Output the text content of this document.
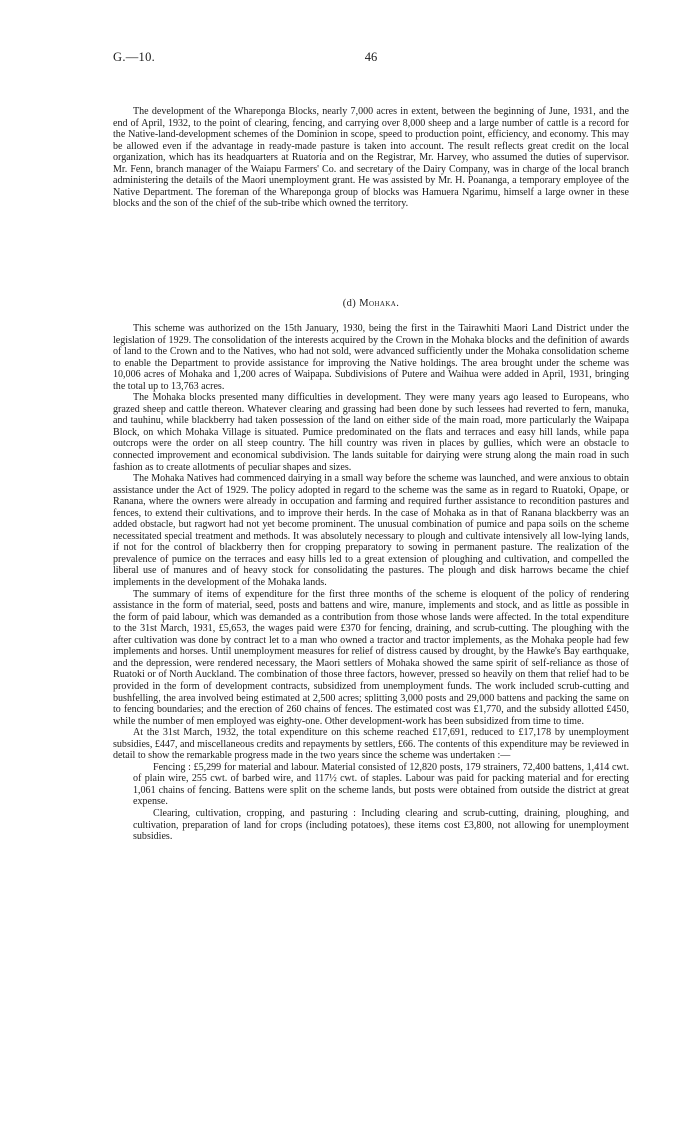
G.—10.	46

The development of the Whareponga Blocks, nearly 7,000 acres in extent, between the beginning of June, 1931, and the end of April, 1932, to the point of clearing, fencing, and carrying over 8,000 sheep and a large number of cattle is a record for the Native-land-development schemes of the Dominion in scope, speed to production point, efficiency, and economy. This may be allowed even if the advantage in ready-made pasture is taken into account. The result reflects great credit on the local organization, which has its headquarters at Ruatoria and on the Registrar, Mr. Harvey, who assumed the duties of supervisor. Mr. Fenn, branch manager of the Waiapu Farmers' Co. and secretary of the Dairy Company, was in charge of the local branch administering the details of the Maori unemployment grant. He was assisted by Mr. H. Poananga, a temporary employee of the Native Department. The foreman of the Whareponga group of blocks was Hamuera Ngarimu, himself a large owner in these blocks and the son of the chief of the sub-tribe which owned the territory.

(d) Mohaka.

This scheme was authorized on the 15th January, 1930, being the first in the Tairawhiti Maori Land District under the legislation of 1929. The consolidation of the interests acquired by the Crown in the Mohaka blocks and the definition of awards of land to the Crown and to the Natives, who had not sold, were advanced sufficiently under the Mohaka consolidation scheme to enable the Department to provide assistance for improving the Native holdings. The area brought under the scheme was 10,006 acres of Mohaka and 1,200 acres of Waipapa. Subdivisions of Putere and Waihua were added in April, 1931, bringing the total up to 13,763 acres.

The Mohaka blocks presented many difficulties in development. They were many years ago leased to Europeans, who grazed sheep and cattle thereon. Whatever clearing and grassing had been done by such lessees had reverted to fern, manuka, and tauhinu, while blackberry had taken possession of the land on either side of the main road, more particularly the Waipapa Block, on which Mohaka Village is situated. Pumice predominated on the flats and terraces and easy hill lands, while papa outcrops were the order on all steep country. The hill country was riven in places by gullies, which were an obstacle to connected improvement and economical subdivision. The lands suitable for dairying were strung along the main road in such fashion as to create allotments of peculiar shapes and sizes.

The Mohaka Natives had commenced dairying in a small way before the scheme was launched, and were anxious to obtain assistance under the Act of 1929. The policy adopted in regard to the scheme was the same as in regard to Ruatoki, Opape, or Ranana, where the owners were already in occupation and farming and required further assistance to recondition pastures and fences, to extend their cultivations, and to improve their herds. In the case of Mohaka as in that of Ranana blackberry was an added obstacle, but ragwort had not yet become prominent. The unusual combination of pumice and papa soils on the scheme necessitated special treatment and methods. It was absolutely necessary to plough and cultivate intensively all low-lying lands, if not for the control of blackberry then for cropping preparatory to sowing in permanent pasture. The realization of the prevalence of pumice on the terraces and easy hills led to a great extension of ploughing and cultivation, and compelled the liberal use of manures and of heavy stock for consolidating the pastures. The plough and disk harrows became the chief implements in the development of the Mohaka lands.

The summary of items of expenditure for the first three months of the scheme is eloquent of the policy of rendering assistance in the form of material, seed, posts and battens and wire, manure, implements and stock, and as little as possible in the form of paid labour, which was demanded as a contribution from those whose lands were affected. In the total expenditure to the 31st March, 1931, £5,653, the wages paid were £370 for fencing, draining, and scrub-cutting. The ploughing with the after cultivation was done by contract let to a man who owned a tractor and tractor implements, as the Mohaka people had few implements and horses. Until unemployment measures for relief of distress caused by drought, by the Hawke's Bay earthquake, and the depression, were rendered necessary, the Maori settlers of Mohaka showed the same spirit of self-reliance as those of Ruatoki or of North Auckland. The combination of those three factors, however, pressed so heavily on them that relief had to be provided in the form of development contracts, subsidized from unemployment funds. The work included scrub-cutting and bushfelling, the area involved being estimated at 2,500 acres; splitting 3,000 posts and 29,000 battens and packing the same on to fencing boundaries; and the erection of 260 chains of fences. The estimated cost was £1,770, and the subsidy allotted £450, while the number of men employed was eighty-one. Other development-work has been subsidized from time to time.

At the 31st March, 1932, the total expenditure on this scheme reached £17,691, reduced to £17,178 by unemployment subsidies, £447, and miscellaneous credits and repayments by settlers, £66. The contents of this expenditure may be reviewed in detail to show the remarkable progress made in the two years since the scheme was undertaken :—

Fencing : £5,299 for material and labour. Material consisted of 12,820 posts, 179 strainers, 72,400 battens, 1,414 cwt. of plain wire, 255 cwt. of barbed wire, and 117½ cwt. of staples. Labour was paid for packing material and for erecting 1,061 chains of fencing. Battens were split on the scheme lands, but posts were obtained from outside the district at great expense.

Clearing, cultivation, cropping, and pasturing : Including clearing and scrub-cutting, draining, ploughing, and cultivation, preparation of land for crops (including potatoes), these items cost £3,800, not allowing for unemployment subsidies.
